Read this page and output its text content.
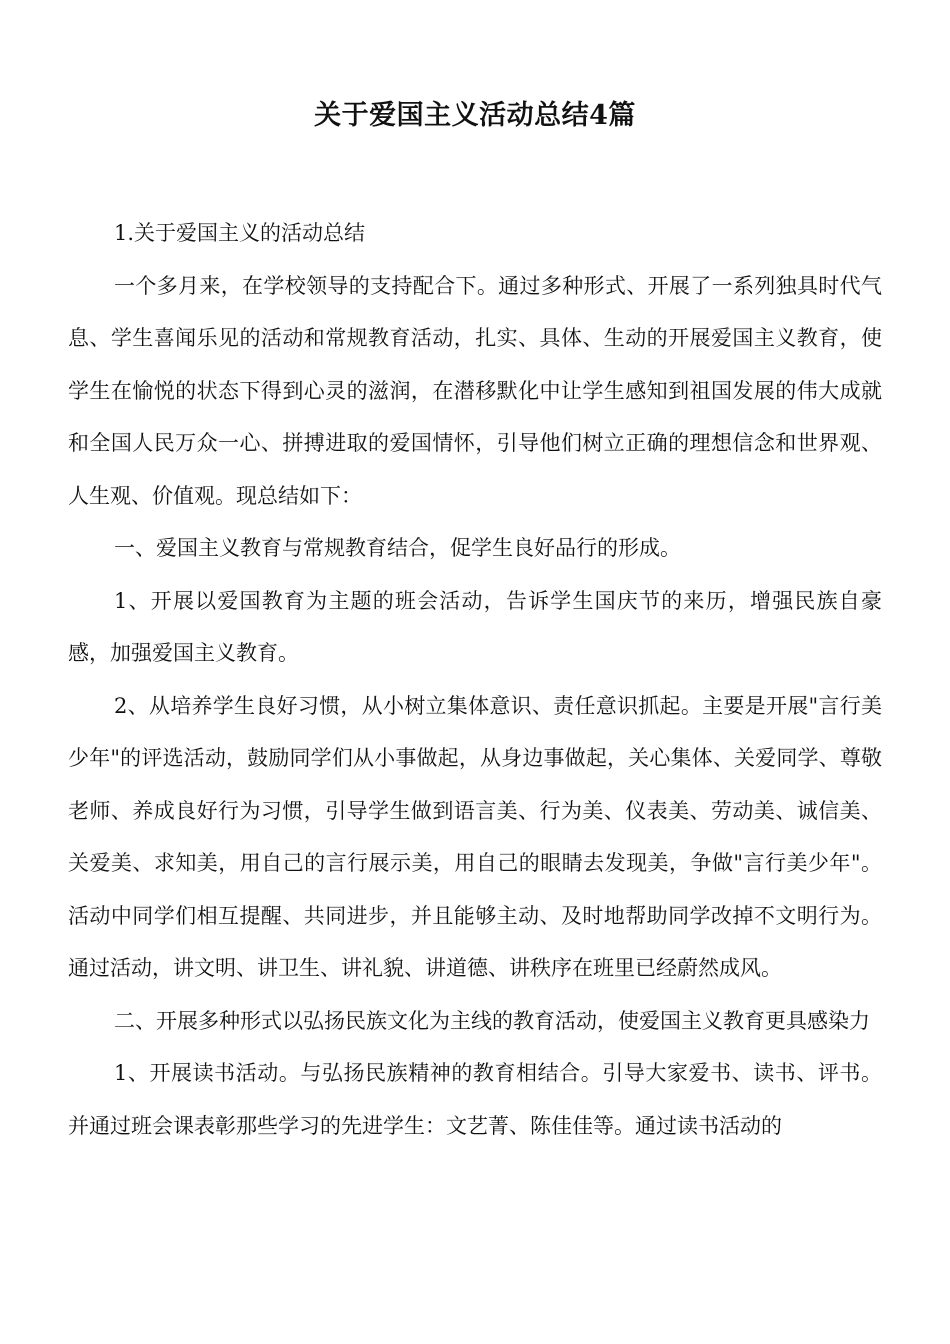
关于爱国主义活动总结4篇

1.关于爱国主义的活动总结

一个多月来，在学校领导的支持配合下。通过多种形式、开展了一系列独具时代气息、学生喜闻乐见的活动和常规教育活动，扎实、具体、生动的开展爱国主义教育，使学生在愉悦的状态下得到心灵的滋润，在潜移默化中让学生感知到祖国发展的伟大成就和全国人民万众一心、拼搏进取的爱国情怀，引导他们树立正确的理想信念和世界观、人生观、价值观。现总结如下：

一、爱国主义教育与常规教育结合，促学生良好品行的形成。

1、开展以爱国教育为主题的班会活动，告诉学生国庆节的来历，增强民族自豪感，加强爱国主义教育。

2、从培养学生良好习惯，从小树立集体意识、责任意识抓起。主要是开展"言行美少年"的评选活动，鼓励同学们从小事做起，从身边事做起，关心集体、关爱同学、尊敬老师、养成良好行为习惯，引导学生做到语言美、行为美、仪表美、劳动美、诚信美、关爱美、求知美，用自己的言行展示美，用自己的眼睛去发现美，争做"言行美少年"。活动中同学们相互提醒、共同进步，并且能够主动、及时地帮助同学改掉不文明行为。通过活动，讲文明、讲卫生、讲礼貌、讲道德、讲秩序在班里已经蔚然成风。

二、开展多种形式以弘扬民族文化为主线的教育活动，使爱国主义教育更具感染力

1、开展读书活动。与弘扬民族精神的教育相结合。引导大家爱书、读书、评书。并通过班会课表彰那些学习的先进学生：文艺菁、陈佳佳等。通过读书活动的
